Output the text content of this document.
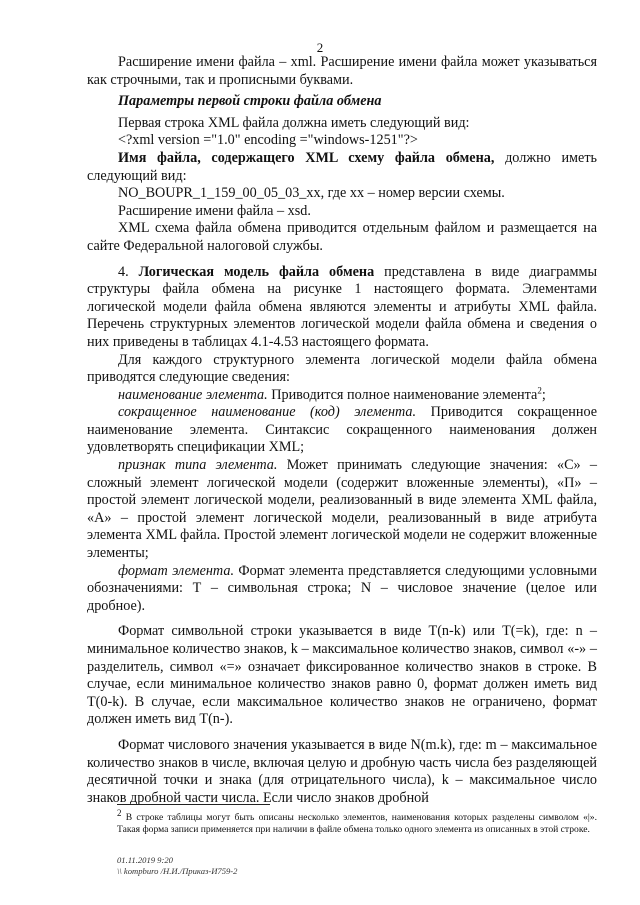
2

Расширение имени файла – xml. Расширение имени файла может указываться как строчными, так и прописными буквами.

Параметры первой строки файла обмена

Первая строка XML файла должна иметь следующий вид:

<?xml version ="1.0" encoding ="windows-1251"?>

Имя файла, содержащего XML схему файла обмена, должно иметь следующий вид:

NO_BOUPR_1_159_00_05_03_xx, где xx – номер версии схемы.

Расширение имени файла – xsd.

XML схема файла обмена приводится отдельным файлом и размещается на сайте Федеральной налоговой службы.

4. Логическая модель файла обмена представлена в виде диаграммы структуры файла обмена на рисунке 1 настоящего формата. Элементами логической модели файла обмена являются элементы и атрибуты XML файла. Перечень структурных элементов логической модели файла обмена и сведения о них приведены в таблицах 4.1-4.53 настоящего формата.

Для каждого структурного элемента логической модели файла обмена приводятся следующие сведения:

наименование элемента. Приводится полное наименование элемента$^2$;

сокращенное наименование (код) элемента. Приводится сокращенное наименование элемента. Синтаксис сокращенного наименования должен удовлетворять спецификации XML;

признак типа элемента. Может принимать следующие значения: «С» – сложный элемент логической модели (содержит вложенные элементы), «П» – простой элемент логической модели, реализованный в виде элемента XML файла, «А» – простой элемент логической модели, реализованный в виде атрибута элемента XML файла. Простой элемент логической модели не содержит вложенные элементы;

формат элемента. Формат элемента представляется следующими условными обозначениями: Т – символьная строка; N – числовое значение (целое или дробное).

Формат символьной строки указывается в виде Т(n-k) или Т(=k), где: n – минимальное количество знаков, k – максимальное количество знаков, символ «-» – разделитель, символ «=» означает фиксированное количество знаков в строке. В случае, если минимальное количество знаков равно 0, формат должен иметь вид Т(0-k). В случае, если максимальное количество знаков не ограничено, формат должен иметь вид Т(n-).

Формат числового значения указывается в виде N(m.k), где: m – максимальное количество знаков в числе, включая целую и дробную часть числа без разделяющей десятичной точки и знака (для отрицательного числа), k – максимальное число знаков дробной части числа. Если число знаков дробной

$^2$ В строке таблицы могут быть описаны несколько элементов, наименования которых разделены символом «|». Такая форма записи применяется при наличии в файле обмена только одного элемента из описанных в этой строке.

01.11.2019 9:20
\\ kompburo /Н.И./Приказ-И759-2
